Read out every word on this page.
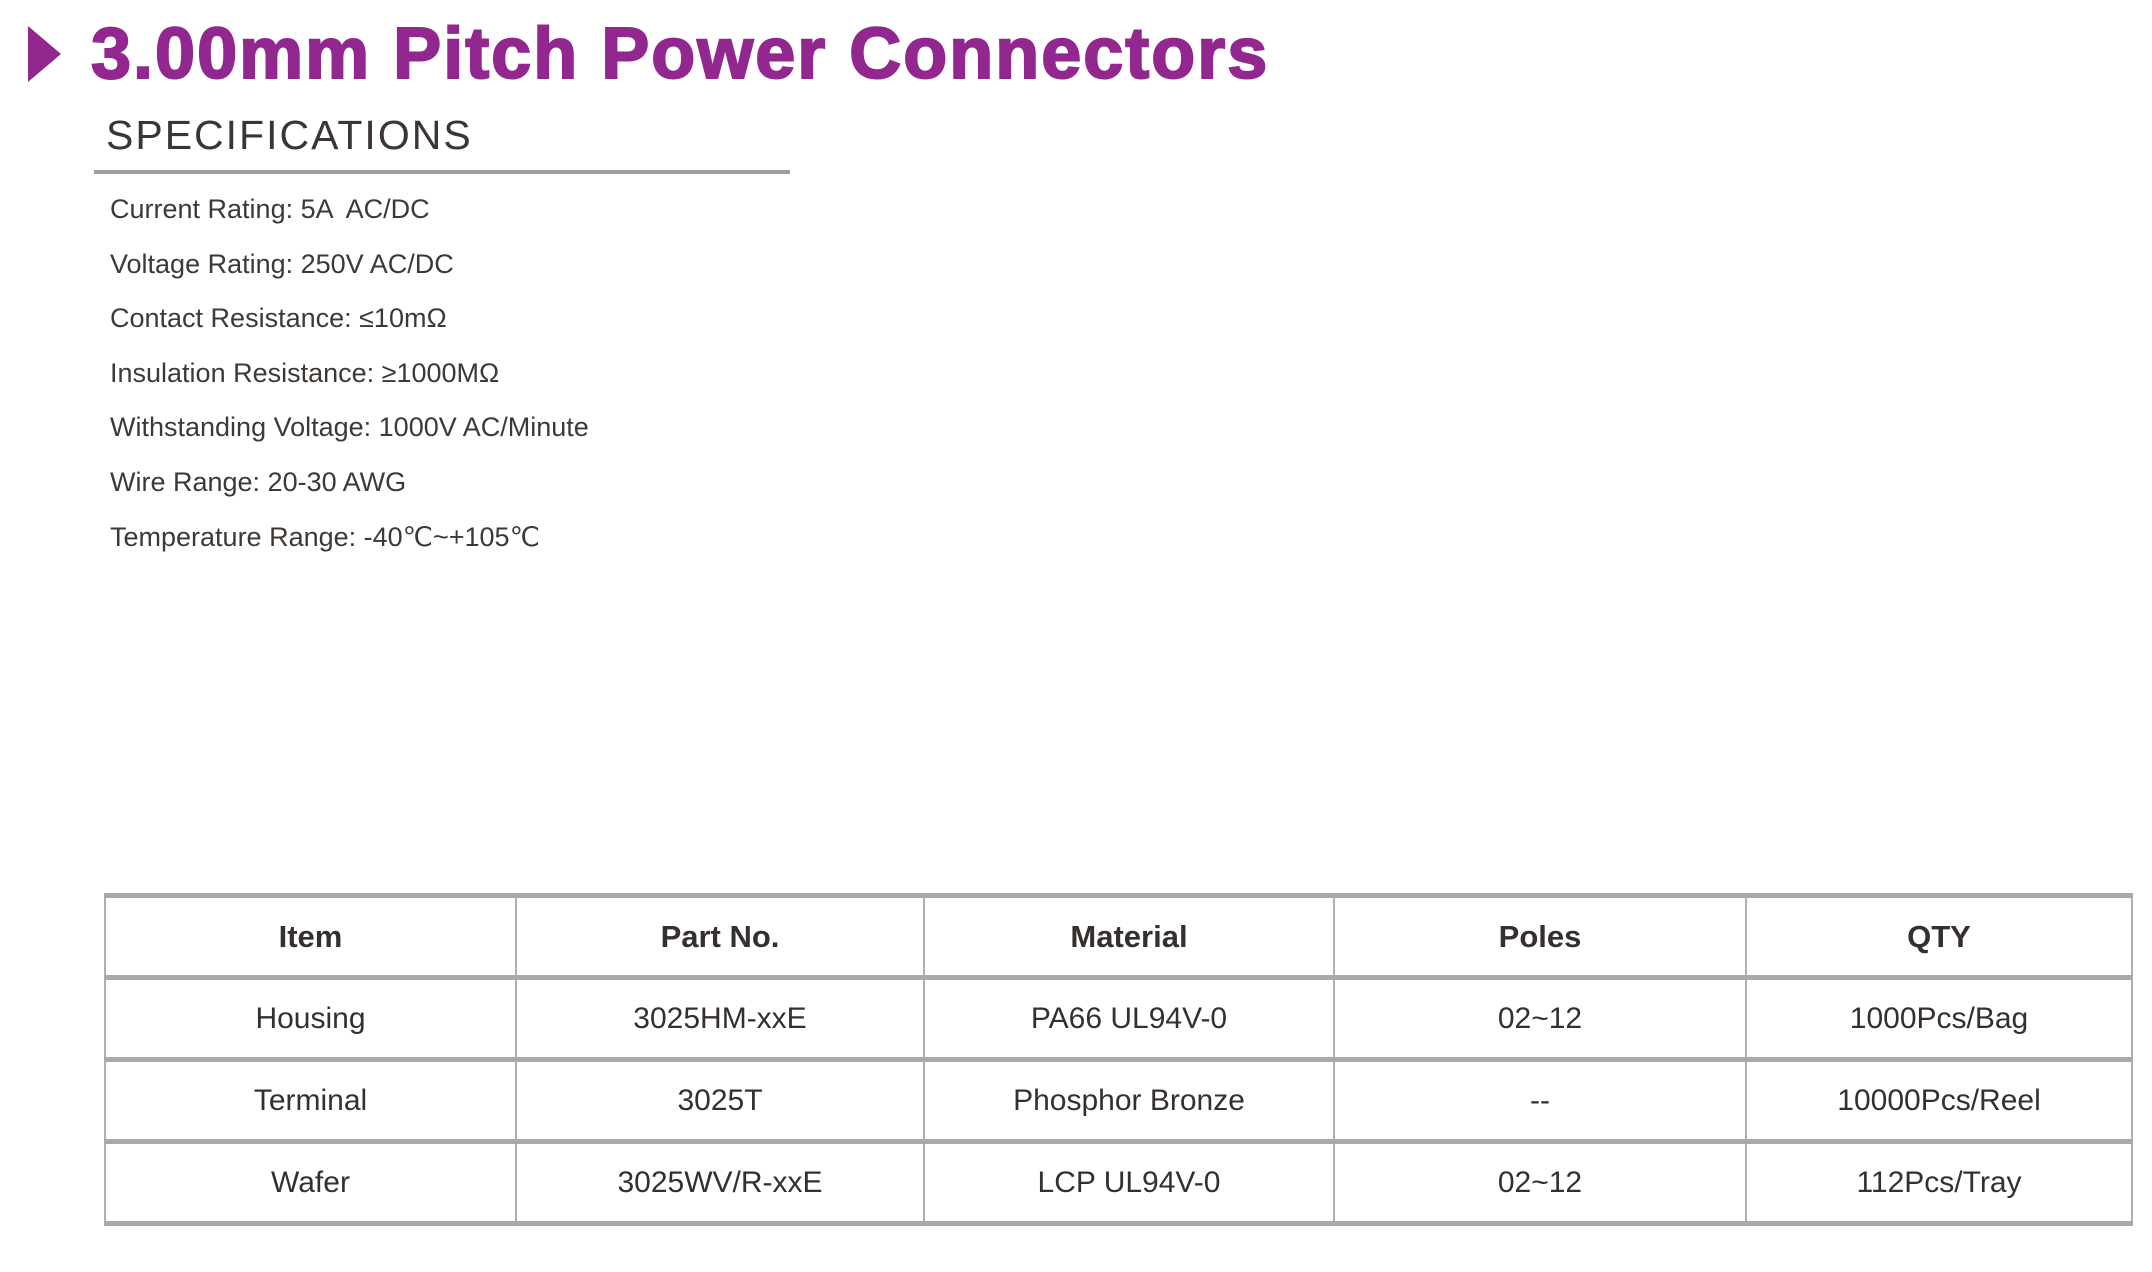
3.00mm Pitch Power Connectors
SPECIFICATIONS
Current Rating: 5A  AC/DC
Voltage Rating: 250V AC/DC
Contact Resistance: ≤10mΩ
Insulation Resistance: ≥1000MΩ
Withstanding Voltage: 1000V AC/Minute
Wire Range: 20-30 AWG
Temperature Range: -40℃~+105℃
Item	Part No.	Material	Poles	QTY
Housing	3025HM-xxE	PA66 UL94V-0	02~12	1000Pcs/Bag
Terminal	3025T	Phosphor Bronze	--	10000Pcs/Reel
Wafer	3025WV/R-xxE	LCP UL94V-0	02~12	112Pcs/Tray
